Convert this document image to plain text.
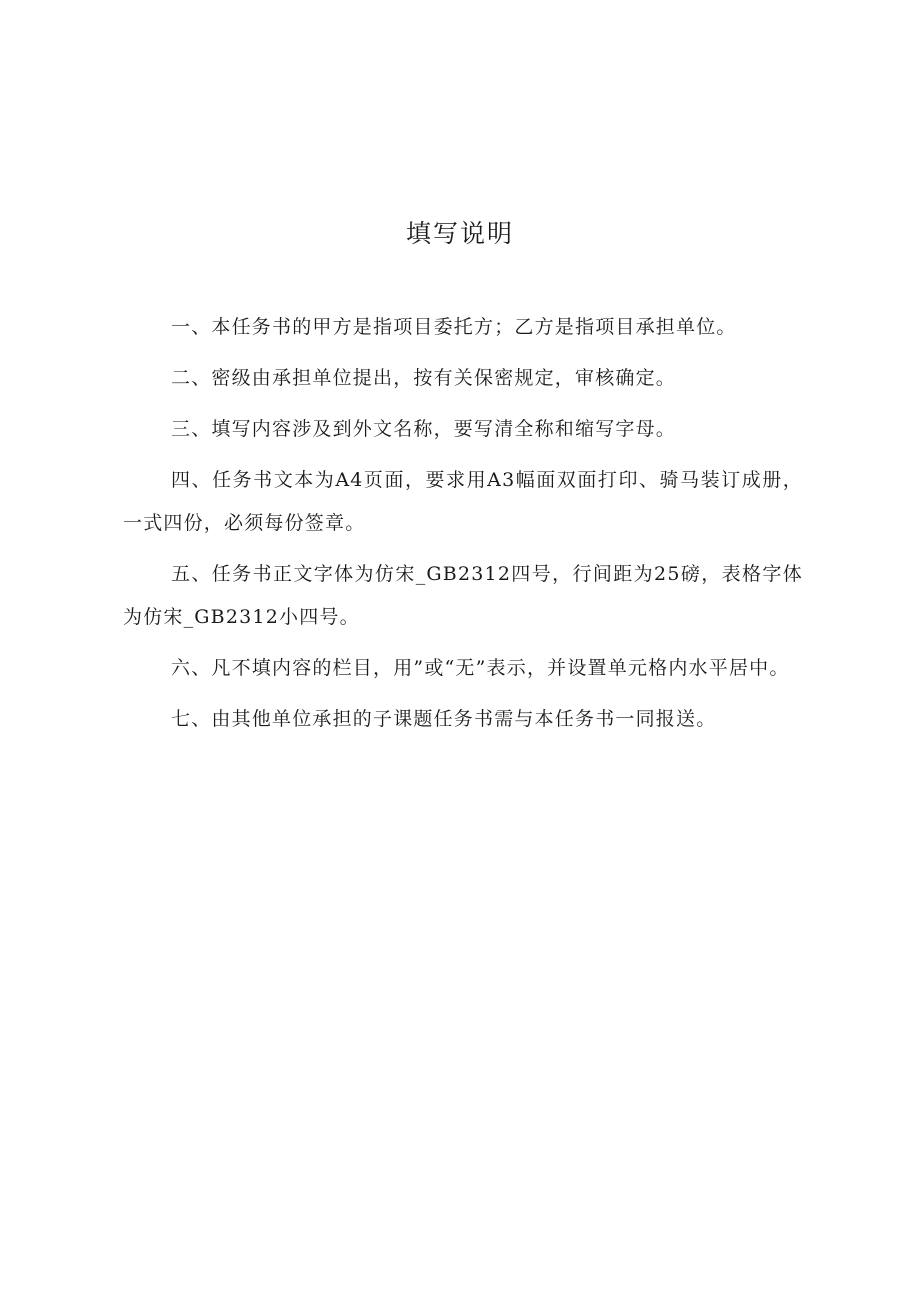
填写说明

一、本任务书的甲方是指项目委托方；乙方是指项目承担单位。

二、密级由承担单位提出，按有关保密规定，审核确定。

三、填写内容涉及到外文名称，要写清全称和缩写字母。

四、任务书文本为A4页面，要求用A3幅面双面打印、骑马装订成册，一式四份，必须每份签章。

五、任务书正文字体为仿宋_GB2312四号，行间距为25磅，表格字体为仿宋_GB2312小四号。

六、凡不填内容的栏目，用”或“无”表示，并设置单元格内水平居中。

七、由其他单位承担的子课题任务书需与本任务书一同报送。
